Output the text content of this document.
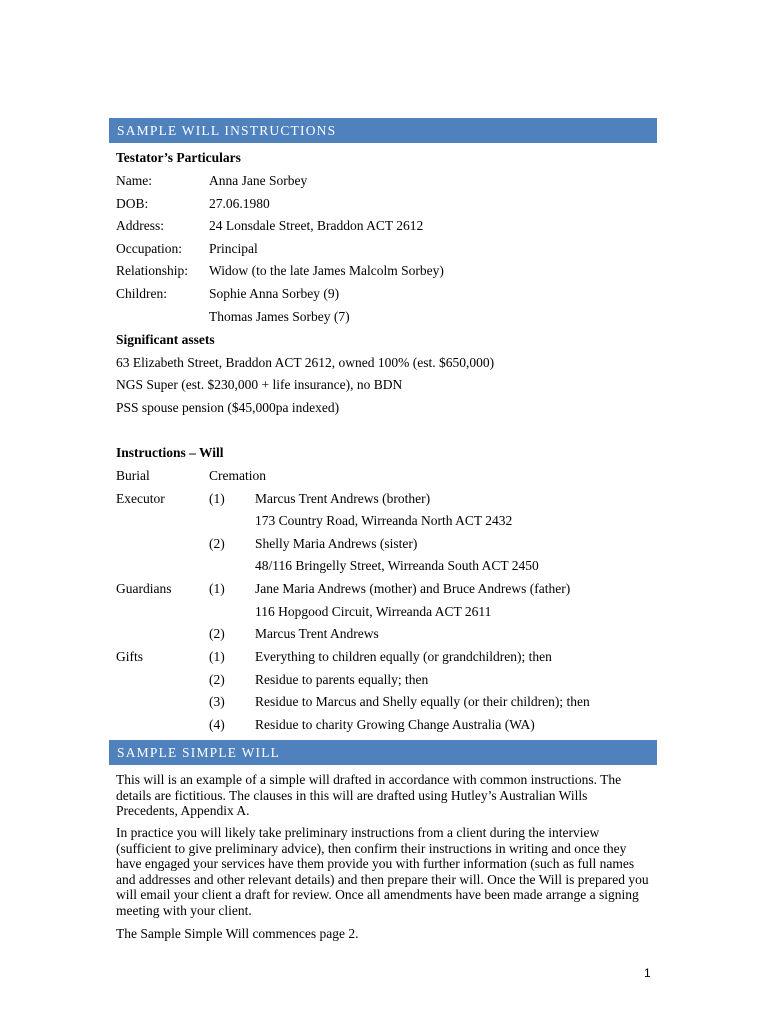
SAMPLE WILL INSTRUCTIONS
Testator’s Particulars
Name:	Anna Jane Sorbey
DOB:	27.06.1980
Address:	24 Lonsdale Street, Braddon ACT 2612
Occupation: Principal
Relationship: Widow (to the late James Malcolm Sorbey)
Children:	Sophie Anna Sorbey (9)
Thomas James Sorbey (7)
Significant assets
63 Elizabeth Street, Braddon ACT 2612, owned 100% (est. $650,000)
NGS Super (est. $230,000 + life insurance), no BDN
PSS spouse pension ($45,000pa indexed)
Instructions – Will
Burial	Cremation
Executor	(1) Marcus Trent Andrews (brother)
173 Country Road, Wirreanda North ACT 2432
(2) Shelly Maria Andrews (sister)
48/116 Bringelly Street, Wirreanda South ACT 2450
Guardians	(1) Jane Maria Andrews (mother) and Bruce Andrews (father)
116 Hopgood Circuit, Wirreanda ACT 2611
(2) Marcus Trent Andrews
Gifts	(1) Everything to children equally (or grandchildren); then
(2) Residue to parents equally; then
(3) Residue to Marcus and Shelly equally (or their children); then
(4) Residue to charity Growing Change Australia (WA)
SAMPLE SIMPLE WILL
This will is an example of a simple will drafted in accordance with common instructions. The details are fictitious. The clauses in this will are drafted using Hutley’s Australian Wills Precedents, Appendix A.
In practice you will likely take preliminary instructions from a client during the interview (sufficient to give preliminary advice), then confirm their instructions in writing and once they have engaged your services have them provide you with further information (such as full names and addresses and other relevant details) and then prepare their will. Once the Will is prepared you will email your client a draft for review. Once all amendments have been made arrange a signing meeting with your client.
The Sample Simple Will commences page 2.
1
